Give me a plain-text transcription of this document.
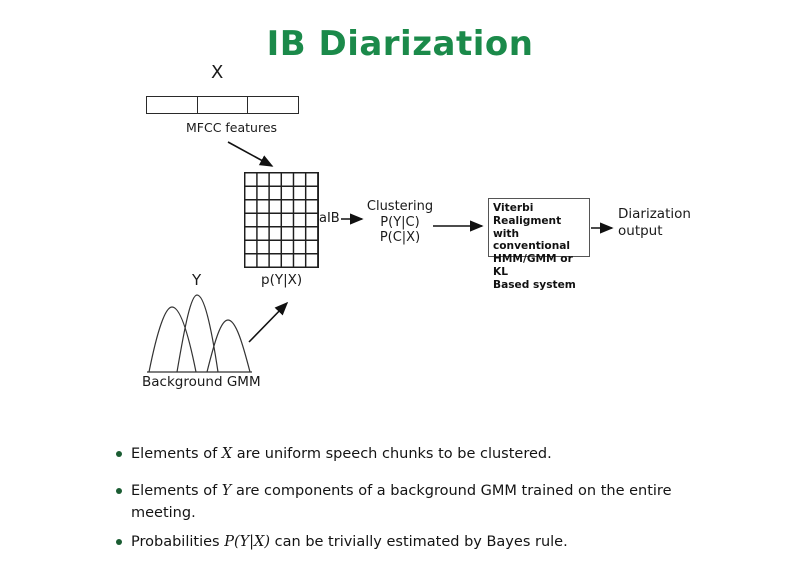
IB Diarization
X
MFCC features
aIB
p(Y|X)
Clustering
P(Y|C)
P(C|X)
Viterbi Realigment
with conventional
HMM/GMM or KL
Based system
Diarization
output
Y
Background GMM
Elements of X are uniform speech chunks to be clustered.
Elements of Y are components of a background GMM trained on the entire meeting.
Probabilities P(Y|X) can be trivially estimated by Bayes rule.
